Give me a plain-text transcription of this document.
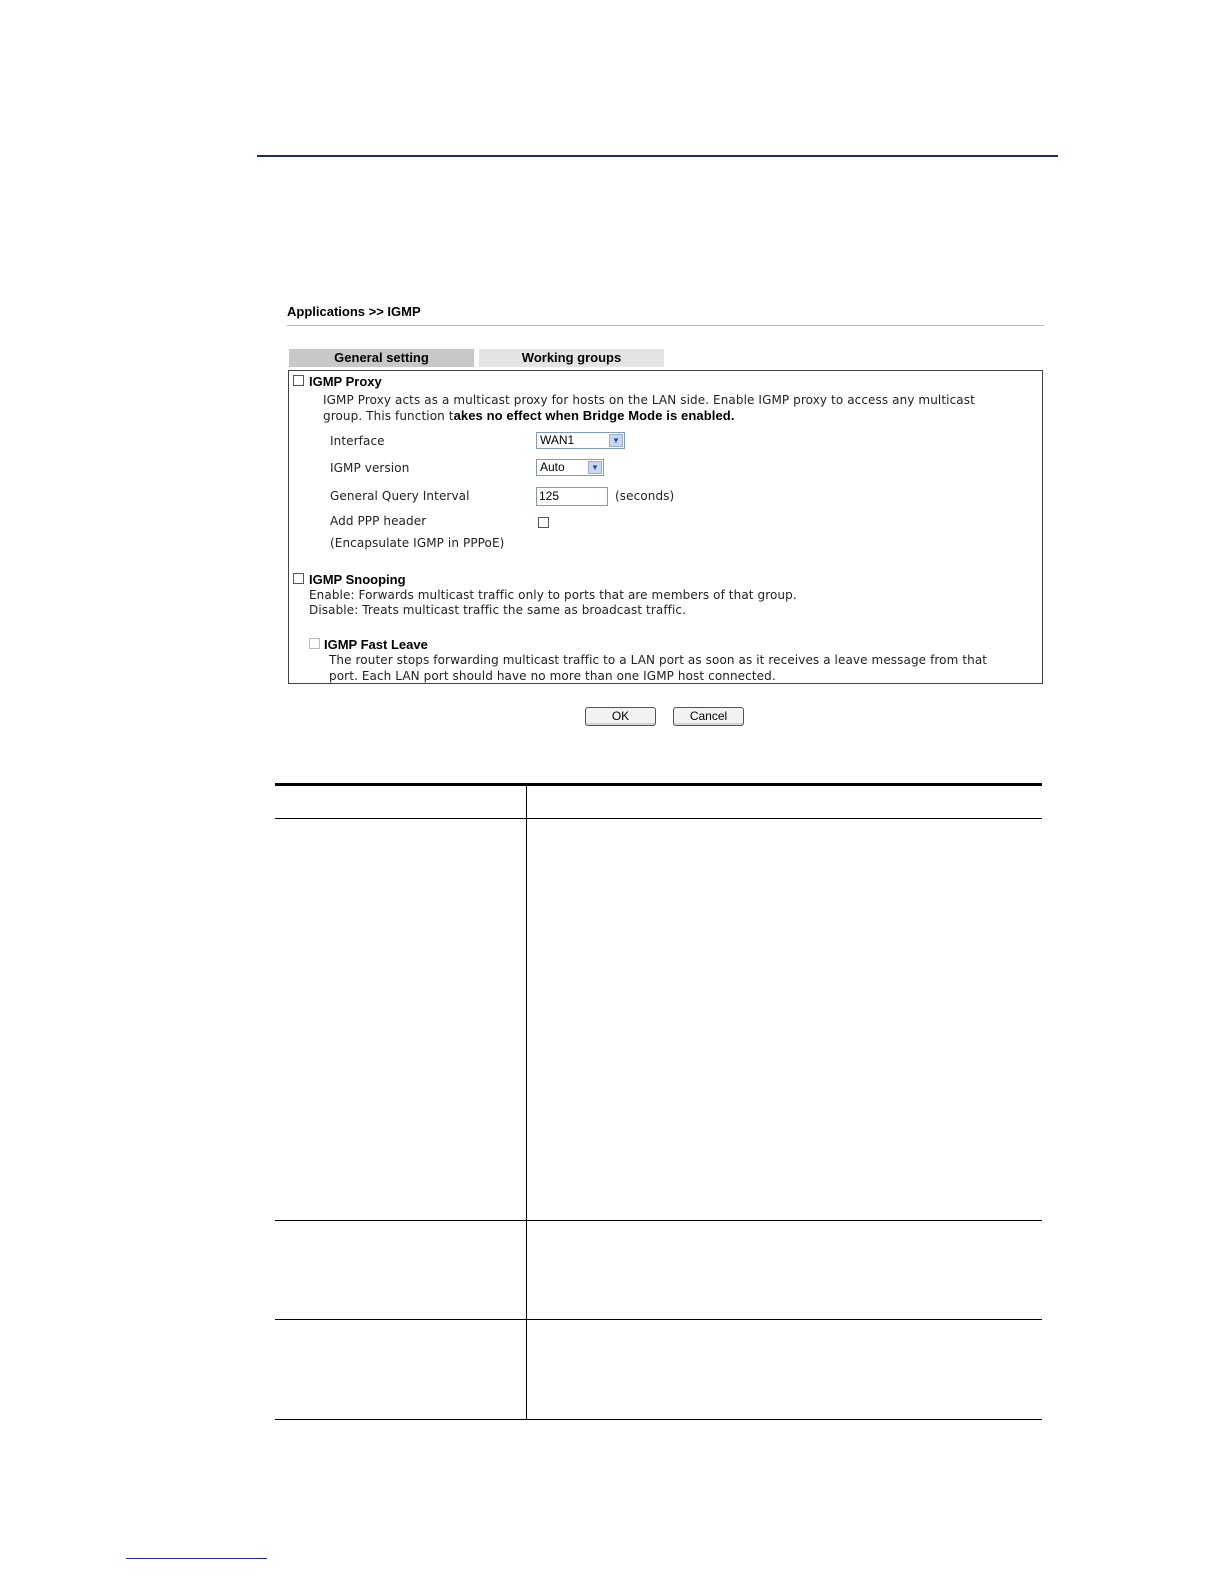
Applications >> IGMP
General setting	Working groups
IGMP Proxy
IGMP Proxy acts as a multicast proxy for hosts on the LAN side. Enable IGMP proxy to access any multicast
group. This function takes no effect when Bridge Mode is enabled.
Interface	WAN1	▼
IGMP version	Auto	▼
General Query Interval	125	(seconds)
Add PPP header
(Encapsulate IGMP in PPPoE)
IGMP Snooping
Enable: Forwards multicast traffic only to ports that are members of that group.
Disable: Treats multicast traffic the same as broadcast traffic.
IGMP Fast Leave
The router stops forwarding multicast traffic to a LAN port as soon as it receives a leave message from that
port. Each LAN port should have no more than one IGMP host connected.
OK	Cancel
